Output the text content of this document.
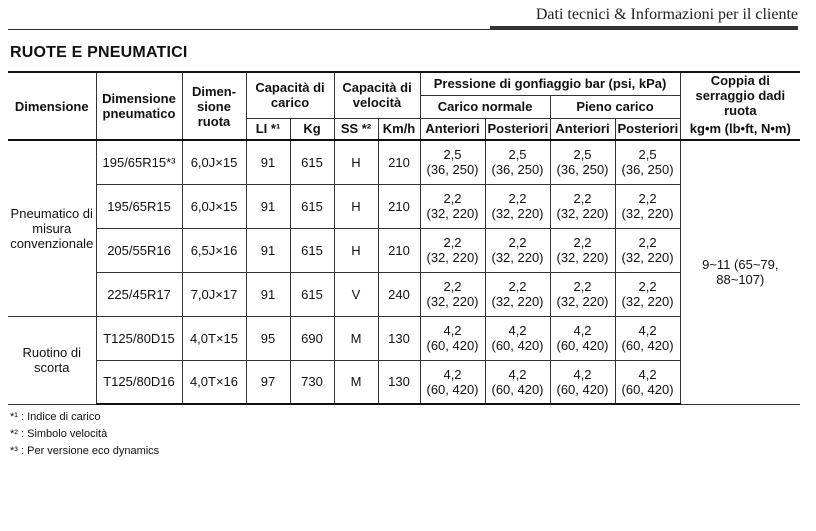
Dati tecnici & Informazioni per il cliente
RUOTE E PNEUMATICI
Dimensione	Dimensione pneumatico	Dimen-sione ruota	Capacità di carico		Capacità di velocità		Pressione di gonfiaggio bar (psi, kPa)				Coppia di serraggio dadi ruota
							Carico normale		Pieno carico		
			LI *¹	Kg	SS *²	Km/h	Anteriori	Posteriori	Anteriori	Posteriori	kg•m (lb•ft, N•m)
Pneumatico di misura convenzionale	195/65R15*³	6,0J×15	91	615	H	210	2,5
(36, 250)	2,5
(36, 250)	2,5
(36, 250)	2,5
(36, 250)	9~11 (65~79, 88~107)
	195/65R15	6,0J×15	91	615	H	210	2,2
(32, 220)	2,2
(32, 220)	2,2
(32, 220)	2,2
(32, 220)	

	205/55R16	6,5J×16	91	615	H	210	2,2
(32, 220)	2,2
(32, 220)	2,2
(32, 220)	2,2
(32, 220)	

	225/45R17	7,0J×17	91	615	V	240	2,2
(32, 220)	2,2
(32, 220)	2,2
(32, 220)	2,2
(32, 220)	

Ruotino di scorta	T125/80D15	4,0T×15	95	690	M	130	4,2
(60, 420)	4,2
(60, 420)	4,2
(60, 420)	4,2
(60, 420)	

	T125/80D16	4,0T×16	97	730	M	130	4,2
(60, 420)	4,2
(60, 420)	4,2
(60, 420)	4,2
(60, 420)	
*¹ : Indice di carico
*² : Simbolo velocità
*³ : Per versione eco dynamics
